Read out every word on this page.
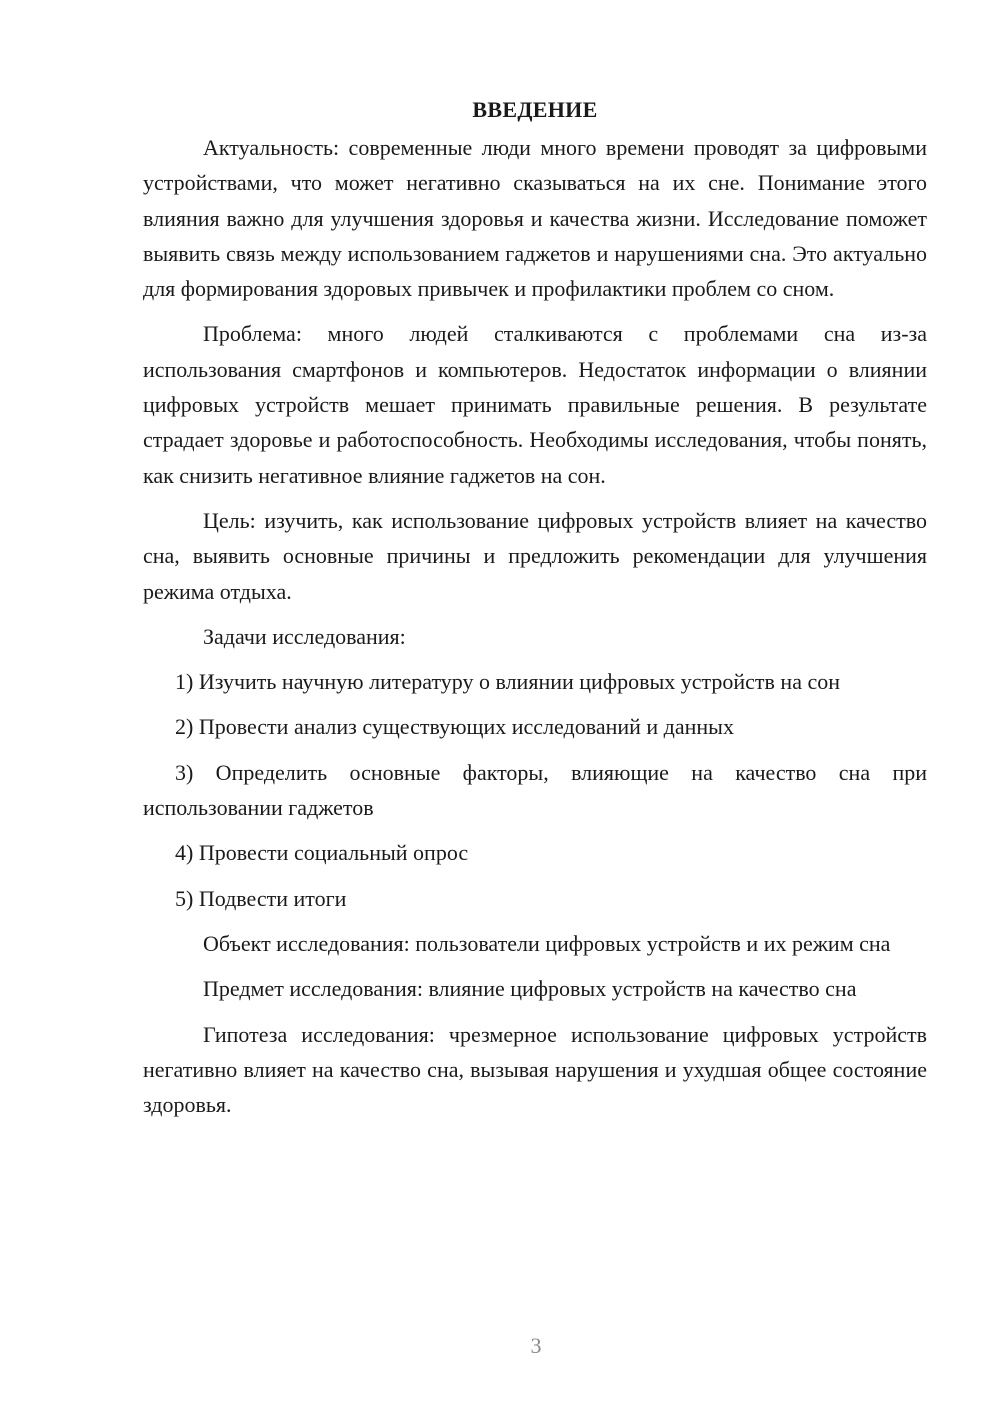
ВВЕДЕНИЕ

Актуальность: современные люди много времени проводят за цифровыми устройствами, что может негативно сказываться на их сне. Понимание этого влияния важно для улучшения здоровья и качества жизни. Исследование поможет выявить связь между использованием гаджетов и нарушениями сна. Это актуально для формирования здоровых привычек и профилактики проблем со сном.

Проблема: много людей сталкиваются с проблемами сна из-за использования смартфонов и компьютеров. Недостаток информации о влиянии цифровых устройств мешает принимать правильные решения. В результате страдает здоровье и работоспособность. Необходимы исследования, чтобы понять, как снизить негативное влияние гаджетов на сон.

Цель: изучить, как использование цифровых устройств влияет на качество сна, выявить основные причины и предложить рекомендации для улучшения режима отдыха.

Задачи исследования:

1) Изучить научную литературу о влиянии цифровых устройств на сон

2) Провести анализ существующих исследований и данных

3) Определить основные факторы, влияющие на качество сна при использовании гаджетов

4) Провести социальный опрос

5) Подвести итоги

Объект исследования: пользователи цифровых устройств и их режим сна

Предмет исследования: влияние цифровых устройств на качество сна

Гипотеза исследования: чрезмерное использование цифровых устройств негативно влияет на качество сна, вызывая нарушения и ухудшая общее состояние здоровья.

3
